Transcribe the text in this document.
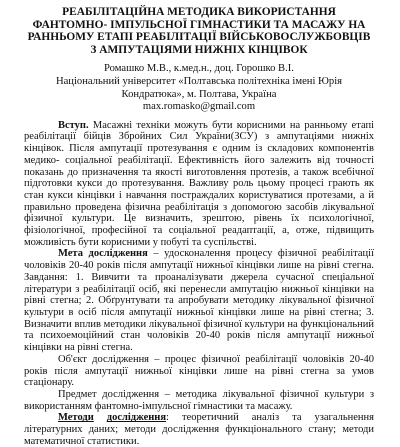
РЕАБІЛІТАЦІЙНА МЕТОДИКА ВИКОРИСТАННЯ ФАНТОМНО- ІМПУЛЬСНОЇ ГІМНАСТИКИ ТА МАСАЖУ НА РАННЬОМУ ЕТАПІ РЕАБІЛІТАЦІЇ ВІЙСЬКОВОСЛУЖБОВЦІВ З АМПУТАЦІЯМИ НИЖНІХ КІНЦІВОК

Ромашко М.В., к.мед.н., доц. Горошко В.І.
Національний університет «Полтавська політехніка імені Юрія Кондратюка», м. Полтава, Україна
max.romasko@gmail.com

Вступ. Масажні техніки можуть бути корисними на ранньому етапі реабілітації бійців Збройних Сил України(ЗСУ) з ампутаціями нижніх кінцівок. Після ампутації протезування є одним із складових компонентів медико- соціальної реабілітації. Ефективність його залежить від точності показань до призначення та якості виготовлення протезів, а також всебічної підготовки кукси до протезування. Важливу роль цьому процесі грають як стан кукси кінцівки і навчання постраждалих користуватися протезами, а й правильно проведена фізична реабілітація з допомогою засобів лікувальної фізичної культури. Це визначить, зрештою, рівень їх психологічної, фізіологічної, професійної та соціальної реадаптації, а, отже, підвищить можливість бути корисними у побуті та суспільстві.

Мета дослідження – удосконалення процесу фізичної реабілітації чоловіків 20-40 років після ампутації нижньої кінцівки лише на рівні стегна. Завдання: 1. Вивчити та проаналізувати джерела сучасної спеціальної літератури з реабілітації осіб, які перенесли ампутацію нижньої кінцівки на рівні стегна; 2. Обґрунтувати та апробувати методику лікувальної фізичної культури в осіб після ампутації нижньої кінцівки лише на рівні стегна; 3. Визначити вплив методики лікувальної фізичної культури на функціональний та психоемоційний стан чоловіків 20-40 років після ампутації нижньої кінцівки на рівні стегна.

Об'єкт дослідження – процес фізичної реабілітації чоловіків 20-40 років після ампутації нижньої кінцівки лише на рівні стегна за умов стаціонару.

Предмет дослідження – методика лікувальної фізичної культури з використанням фантомно-імпульсної гімнастики та масажу.

Методи дослідження: теоретичний аналіз та узагальнення літературних даних; методи дослідження функціонального стану; методи математичної статистики.
